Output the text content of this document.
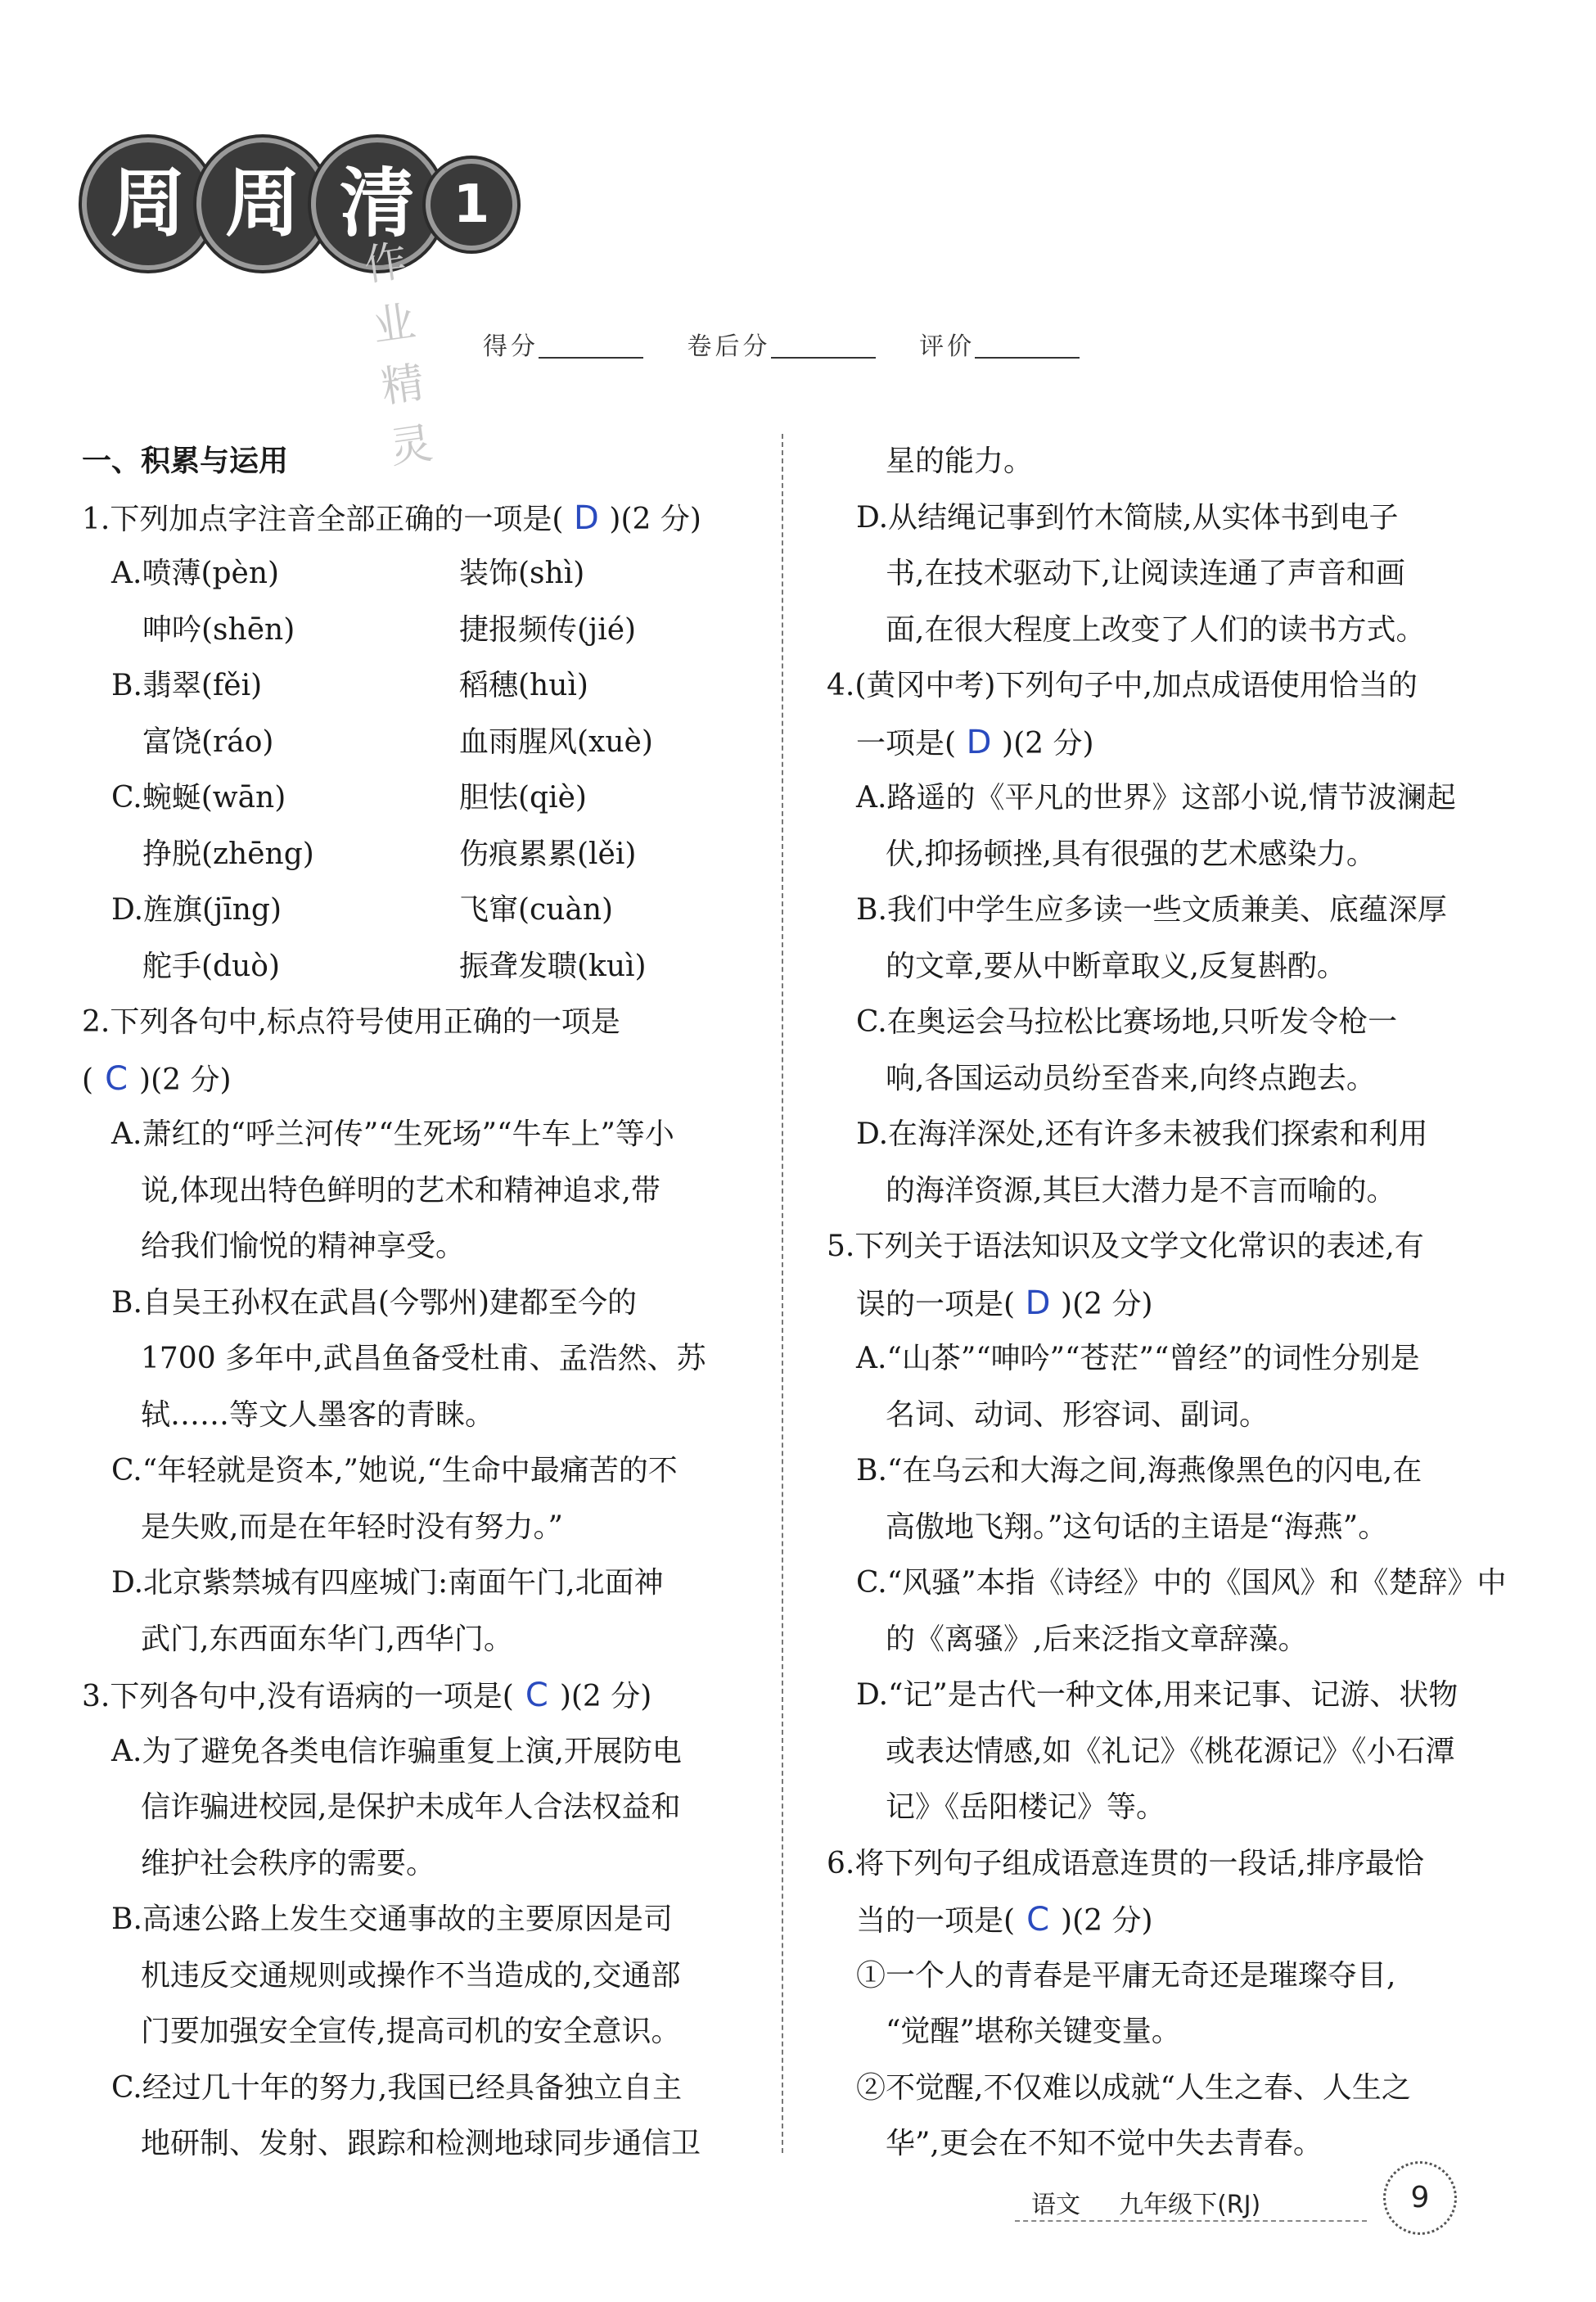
周 周 清 1
作业精灵
得分	卷后分	评价
一、积累与运用
1.下列加点字注音全部正确的一项是( D )(2 分)
A.喷薄(pèn)	装饰(shì)
呻吟(shēn)	捷报频传(jié)
B.翡翠(fěi)	稻穗(huì)
富饶(ráo)	血雨腥风(xuè)
C.蜿蜒(wān)	胆怯(qiè)
挣脱(zhēng)	伤痕累累(lěi)
D.旌旗(jīng)	飞窜(cuàn)
舵手(duò)	振聋发聩(kuì)
2.下列各句中,标点符号使用正确的一项是
( C )(2 分)
A.萧红的“呼兰河传”“生死场”“牛车上”等小
说,体现出特色鲜明的艺术和精神追求,带
给我们愉悦的精神享受。
B.自吴王孙权在武昌(今鄂州)建都至今的
1700 多年中,武昌鱼备受杜甫、孟浩然、苏
轼……等文人墨客的青睐。
C.“年轻就是资本,”她说,“生命中最痛苦的不
是失败,而是在年轻时没有努力。”
D.北京紫禁城有四座城门:南面午门,北面神
武门,东西面东华门,西华门。
3.下列各句中,没有语病的一项是( C )(2 分)
A.为了避免各类电信诈骗重复上演,开展防电
信诈骗进校园,是保护未成年人合法权益和
维护社会秩序的需要。
B.高速公路上发生交通事故的主要原因是司
机违反交通规则或操作不当造成的,交通部
门要加强安全宣传,提高司机的安全意识。
C.经过几十年的努力,我国已经具备独立自主
地研制、发射、跟踪和检测地球同步通信卫
星的能力。
D.从结绳记事到竹木简牍,从实体书到电子
书,在技术驱动下,让阅读连通了声音和画
面,在很大程度上改变了人们的读书方式。
4.(黄冈中考)下列句子中,加点成语使用恰当的
一项是( D )(2 分)
A.路遥的《平凡的世界》这部小说,情节波澜起
伏,抑扬顿挫,具有很强的艺术感染力。
B.我们中学生应多读一些文质兼美、底蕴深厚
的文章,要从中断章取义,反复斟酌。
C.在奥运会马拉松比赛场地,只听发令枪一
响,各国运动员纷至沓来,向终点跑去。
D.在海洋深处,还有许多未被我们探索和利用
的海洋资源,其巨大潜力是不言而喻的。
5.下列关于语法知识及文学文化常识的表述,有
误的一项是( D )(2 分)
A.“山茶”“呻吟”“苍茫”“曾经”的词性分别是
名词、动词、形容词、副词。
B.“在乌云和大海之间,海燕像黑色的闪电,在
高傲地飞翔。”这句话的主语是“海燕”。
C.“风骚”本指《诗经》中的《国风》和《楚辞》中
的《离骚》,后来泛指文章辞藻。
D.“记”是古代一种文体,用来记事、记游、状物
或表达情感,如《礼记》《桃花源记》《小石潭
记》《岳阳楼记》等。
6.将下列句子组成语意连贯的一段话,排序最恰
当的一项是( C )(2 分)
①一个人的青春是平庸无奇还是璀璨夺目,
“觉醒”堪称关键变量。
②不觉醒,不仅难以成就“人生之春、人生之
华”,更会在不知不觉中失去青春。
语文 九年级下(RJ)	9
